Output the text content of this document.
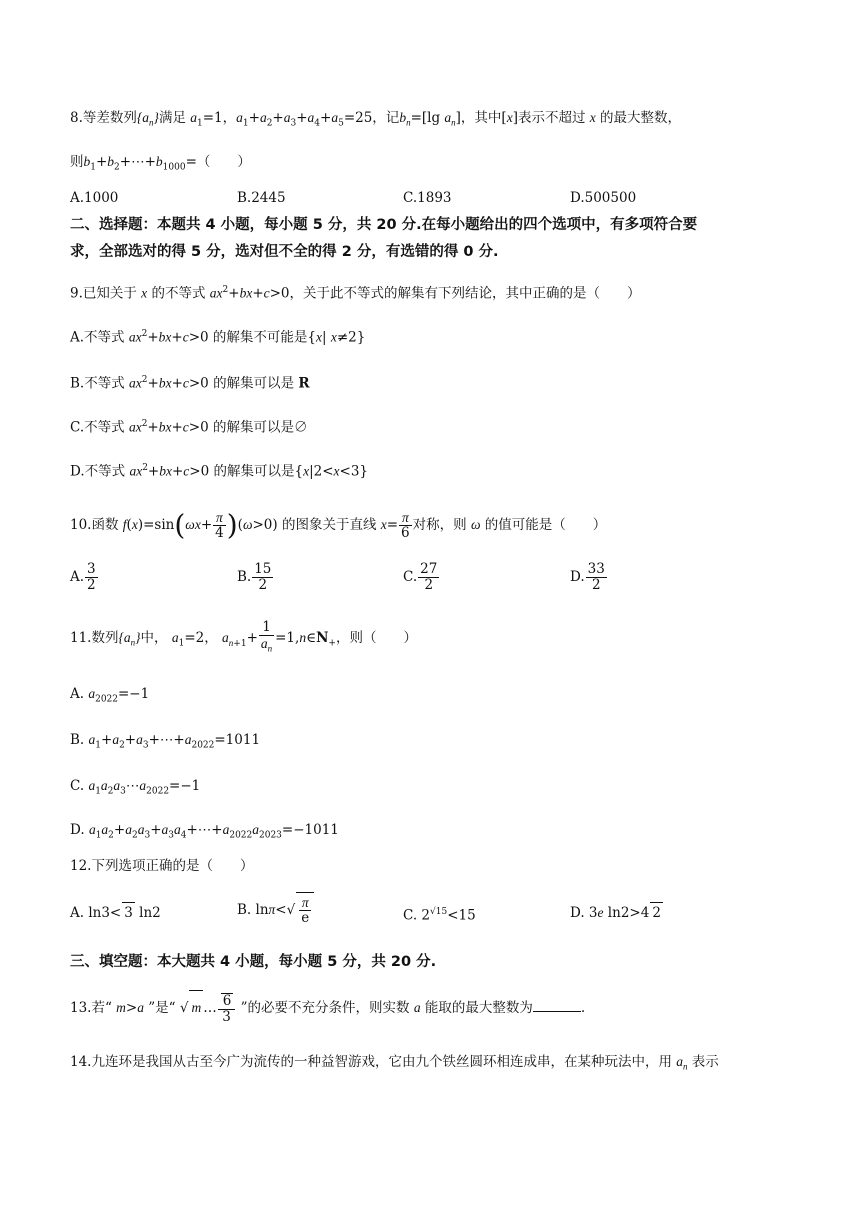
8.等差数列$\{a_n\}$满足 $a_1=1$，$a_1+a_2+a_3+a_4+a_5=25$，记$b_n=[\lg$ $a_n$]，其中[x]表示不超过 x 的最大整数，
则$b_1+b_2+\cdots+b_{1000}=$（　　）
A.1000	B.2445	C.1893	D.500500
二、选择题：本题共 4 小题，每小题 5 分，共 20 分.在每小题给出的四个选项中，有多项符合要
求，全部选对的得 5 分，选对但不全的得 2 分，有选错的得 0 分.
9.已知关于 x 的不等式 $ax^2+bx+c>0$，关于此不等式的解集有下列结论，其中正确的是（　　）
A.不等式 $ax^2+bx+c>0$ 的解集不可能是{x| x≠2}
B.不等式 $ax^2+bx+c>0$ 的解集可以是 R
C.不等式 $ax^2+bx+c>0$ 的解集可以是∅
D.不等式 $ax^2+bx+c>0$ 的解集可以是{x|2<x<3}
10.函数 $f(x)=\sin(\omega x+ \frac{\pi}{4} )(\omega>0)$ 的图象关于直线 $x= \frac{\pi}{6}$ 对称，则 ω 的值可能是（　　）
A. $\frac{3}{2}$	B. $\frac{15}{2}$	C. $\frac{27}{2}$	D. $\frac{33}{2}$
11.数列$\{a_n\}$中， $a_1=2$， $a_{n+1}+ \frac{1}{a_n}$ $=1,n\in N_+$，则（　　）
A. $a_{2022}=-1$
B. $a_1+a_2+a_3+\cdots+a_{2022}=1011$
C. $a_1a_2a_3\cdots a_{2022}=-1$
D. $a_1a_2+a_2a_3+a_3a_4+\cdots+a_{2022}a_{2023}=-1011$
12.下列选项正确的是（　　）
A. ln3< 3 ln2	B. $\ln\pi<√ \frac{\pi}{e}$	C. $2^{√15}<15$	D. 3e ln2>4 2
三、填空题：本大题共 4 小题，每小题 5 分，共 20 分.
13.若“ m>a ”是“ √ m … $\frac{6}{3}$ ”的必要不充分条件，则实数 a 能取的最大整数为	.
14.九连环是我国从古至今广为流传的一种益智游戏，它由九个铁丝圆环相连成串，在某种玩法中，用 $a_n$ 表示
